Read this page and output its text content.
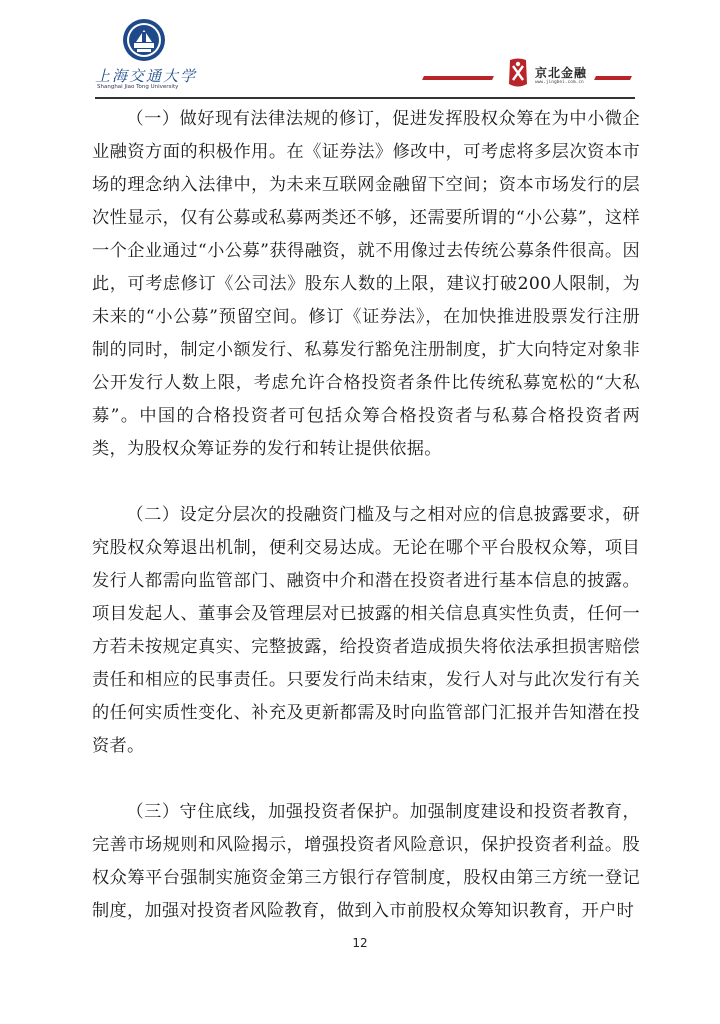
上海交通大学
Shanghai Jiao Tong University
京北金融
www.jingbei.com.cn

（一）做好现有法律法规的修订，促进发挥股权众筹在为中小微企业融资方面的积极作用。在《证券法》修改中，可考虑将多层次资本市场的理念纳入法律中，为未来互联网金融留下空间；资本市场发行的层次性显示，仅有公募或私募两类还不够，还需要所谓的“小公募”，这样一个企业通过“小公募”获得融资，就不用像过去传统公募条件很高。因此，可考虑修订《公司法》股东人数的上限，建议打破200人限制，为未来的“小公募”预留空间。修订《证券法》，在加快推进股票发行注册制的同时，制定小额发行、私募发行豁免注册制度，扩大向特定对象非公开发行人数上限，考虑允许合格投资者条件比传统私募宽松的“大私募”。中国的合格投资者可包括众筹合格投资者与私募合格投资者两类，为股权众筹证券的发行和转让提供依据。

（二）设定分层次的投融资门槛及与之相对应的信息披露要求，研究股权众筹退出机制，便利交易达成。无论在哪个平台股权众筹，项目发行人都需向监管部门、融资中介和潜在投资者进行基本信息的披露。项目发起人、董事会及管理层对已披露的相关信息真实性负责，任何一方若未按规定真实、完整披露，给投资者造成损失将依法承担损害赔偿责任和相应的民事责任。只要发行尚未结束，发行人对与此次发行有关的任何实质性变化、补充及更新都需及时向监管部门汇报并告知潜在投资者。

（三）守住底线，加强投资者保护。加强制度建设和投资者教育，完善市场规则和风险揭示，增强投资者风险意识，保护投资者利益。股权众筹平台强制实施资金第三方银行存管制度，股权由第三方统一登记制度，加强对投资者风险教育，做到入市前股权众筹知识教育，开户时

12
